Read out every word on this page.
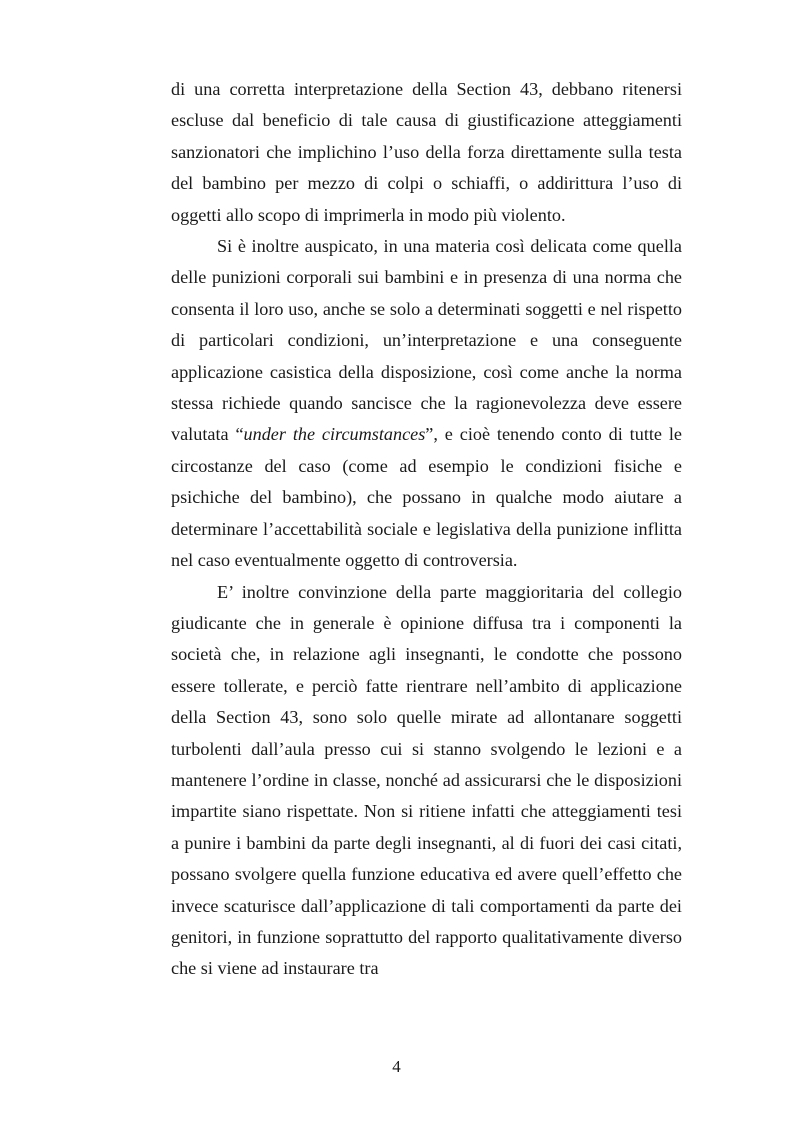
di una corretta interpretazione della Section 43, debbano ritenersi escluse dal beneficio di tale causa di giustificazione atteggiamenti sanzionatori che implichino l’uso della forza direttamente sulla testa del bambino per mezzo di colpi o schiaffi, o addirittura l’uso di oggetti allo scopo di imprimerla in modo più violento.

Si è inoltre auspicato, in una materia così delicata come quella delle punizioni corporali sui bambini e in presenza di una norma che consenta il loro uso, anche se solo a determinati soggetti e nel rispetto di particolari condizioni, un’interpretazione e una conseguente applicazione casistica della disposizione, così come anche la norma stessa richiede quando sancisce che la ragionevolezza deve essere valutata “under the circumstances”, e cioè tenendo conto di tutte le circostanze del caso (come ad esempio le condizioni fisiche e psichiche del bambino), che possano in qualche modo aiutare a determinare l’accettabilità sociale e legislativa della punizione inflitta nel caso eventualmente oggetto di controversia.

E’ inoltre convinzione della parte maggioritaria del collegio giudicante che in generale è opinione diffusa tra i componenti la società che, in relazione agli insegnanti, le condotte che possono essere tollerate, e perciò fatte rientrare nell’ambito di applicazione della Section 43, sono solo quelle mirate ad allontanare soggetti turbolenti dall’aula presso cui si stanno svolgendo le lezioni e a mantenere l’ordine in classe, nonché ad assicurarsi che le disposizioni impartite siano rispettate. Non si ritiene infatti che atteggiamenti tesi a punire i bambini da parte degli insegnanti, al di fuori dei casi citati, possano svolgere quella funzione educativa ed avere quell’effetto che invece scaturisce dall’applicazione di tali comportamenti da parte dei genitori, in funzione soprattutto del rapporto qualitativamente diverso che si viene ad instaurare tra

4
